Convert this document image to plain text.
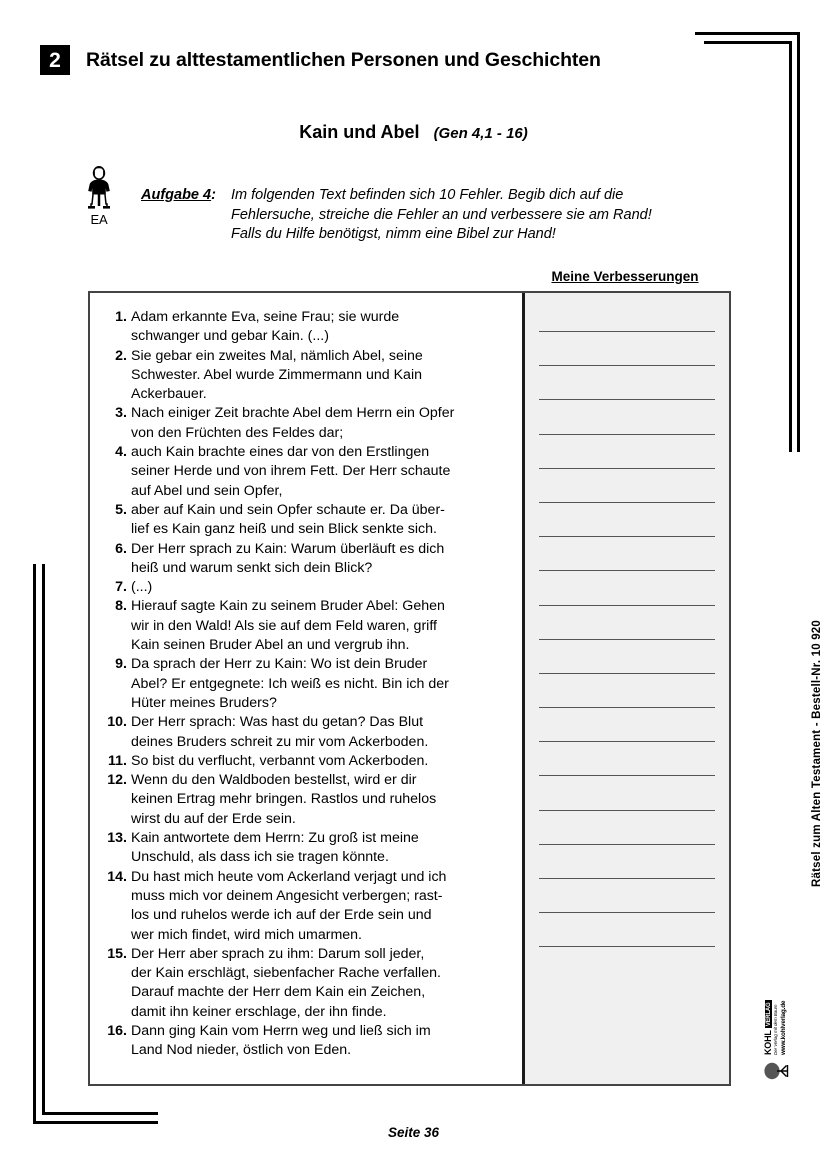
2	Rätsel zu alttestamentlichen Personen und Geschichten
Kain und Abel (Gen 4,1 - 16)
EA
Aufgabe 4: Im folgenden Text befinden sich 10 Fehler. Begib dich auf die
Fehlersuche, streiche die Fehler an und verbessere sie am Rand!
Falls du Hilfe benötigst, nimm eine Bibel zur Hand!
Meine Verbesserungen
1. Adam erkannte Eva, seine Frau; sie wurde
schwanger und gebar Kain. (...)
2. Sie gebar ein zweites Mal, nämlich Abel, seine
Schwester. Abel wurde Zimmermann und Kain
Ackerbauer.
3. Nach einiger Zeit brachte Abel dem Herrn ein Opfer
von den Früchten des Feldes dar;
4. auch Kain brachte eines dar von den Erstlingen
seiner Herde und von ihrem Fett. Der Herr schaute
auf Abel und sein Opfer,
5. aber auf Kain und sein Opfer schaute er. Da über-
lief es Kain ganz heiß und sein Blick senkte sich.
6. Der Herr sprach zu Kain: Warum überläuft es dich
heiß und warum senkt sich dein Blick?
7. (...)
8. Hierauf sagte Kain zu seinem Bruder Abel: Gehen
wir in den Wald! Als sie auf dem Feld waren, griff
Kain seinen Bruder Abel an und vergrub ihn.
9. Da sprach der Herr zu Kain: Wo ist dein Bruder
Abel? Er entgegnete: Ich weiß es nicht. Bin ich der
Hüter meines Bruders?
10. Der Herr sprach: Was hast du getan? Das Blut
deines Bruders schreit zu mir vom Ackerboden.
11. So bist du verflucht, verbannt vom Ackerboden.
12. Wenn du den Waldboden bestellst, wird er dir
keinen Ertrag mehr bringen. Rastlos und ruhelos
wirst du auf der Erde sein.
13. Kain antwortete dem Herrn: Zu groß ist meine
Unschuld, als dass ich sie tragen könnte.
14. Du hast mich heute vom Ackerland verjagt und ich
muss mich vor deinem Angesicht verbergen; rast-
los und ruhelos werde ich auf der Erde sein und
wer mich findet, wird mich umarmen.
15. Der Herr aber sprach zu ihm: Darum soll jeder,
der Kain erschlägt, siebenfacher Rache verfallen.
Darauf machte der Herr dem Kain ein Zeichen,
damit ihn keiner erschlage, der ihn finde.
16. Dann ging Kain vom Herrn weg und ließ sich im
Land Nod nieder, östlich von Eden.
Rätsel zum Alten Testament - Bestell-Nr. 10 920
KOHL
VERLAG Der Verlag mit dem Baum www.kohlverlag.de
Seite 36
